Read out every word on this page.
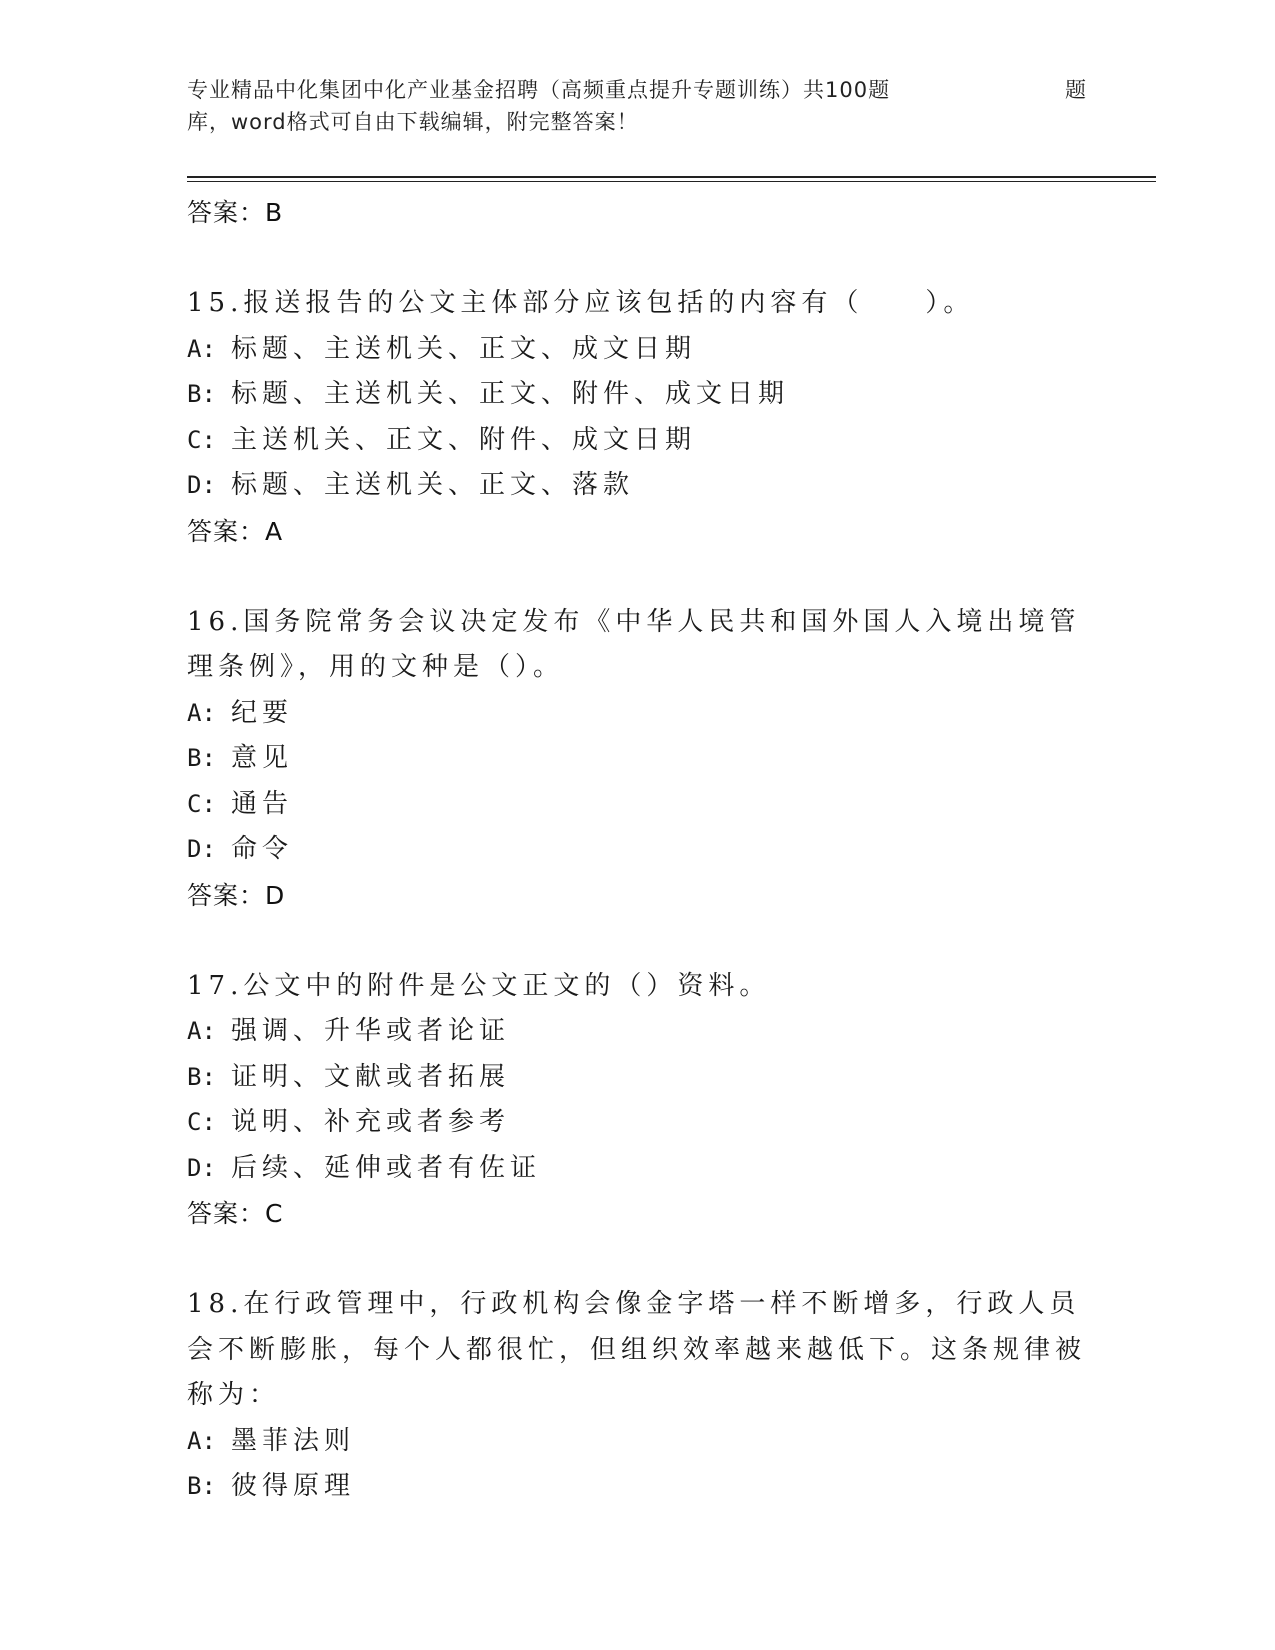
专业精品中化集团中化产业基金招聘（高频重点提升专题训练）共100题	题
库，word格式可自由下载编辑，附完整答案！
答案：B
15.报送报告的公文主体部分应该包括的内容有（　　）。
A: 标题、主送机关、正文、成文日期
B: 标题、主送机关、正文、附件、成文日期
C: 主送机关、正文、附件、成文日期
D: 标题、主送机关、正文、落款
答案：A
16.国务院常务会议决定发布《中华人民共和国外国人入境出境管理条例》，用的文种是（）。
A: 纪要
B: 意见
C: 通告
D: 命令
答案：D
17.公文中的附件是公文正文的（）资料。
A: 强调、升华或者论证
B: 证明、文献或者拓展
C: 说明、补充或者参考
D: 后续、延伸或者有佐证
答案：C
18.在行政管理中，行政机构会像金字塔一样不断增多，行政人员会不断膨胀，每个人都很忙，但组织效率越来越低下。这条规律被称为：
A: 墨菲法则
B: 彼得原理
